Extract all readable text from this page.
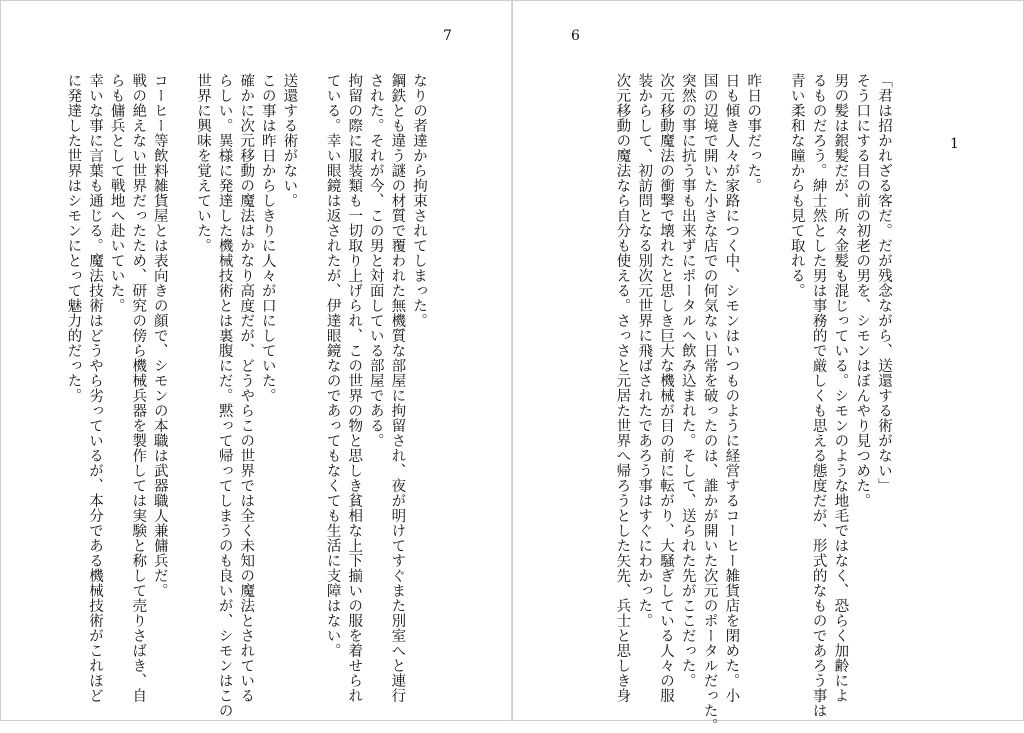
7
なりの者達から拘束されてしまった。
鋼鉄とも違う謎の材質で覆われた無機質な部屋に拘留され、夜が明けてすぐまた別室へと連行
された。それが今、この男と対面している部屋である。
拘留の際に服装類も一切取り上げられ、この世界の物と思しき貧相な上下揃いの服を着せられ
ている。幸い眼鏡は返されたが、伊達眼鏡なのであってもなくても生活に支障はない。
送還する術がない。
この事は昨日からしきりに人々が口にしていた。
確かに次元移動の魔法はかなり高度だが、どうやらこの世界では全く未知の魔法とされている
らしい。異様に発達した機械技術とは裏腹にだ。黙って帰ってしまうのも良いが、シモンはこの
世界に興味を覚えていた。
コーヒー等飲料雑貨屋とは表向きの顔で、シモンの本職は武器職人兼傭兵だ。
戦の絶えない世界だったため、研究の傍ら機械兵器を製作しては実験と称して売りさばき、自
らも傭兵として戦地へ赴いていた。
幸いな事に言葉も通じる。魔法技術はどうやら劣っているが、本分である機械技術がこれほど
に発達した世界はシモンにとって魅力的だった。
6
「君は招かれざる客だ。だが残念ながら、送還する術がない」
そう口にする目の前の初老の男を、シモンはぼんやり見つめた。
男の髪は銀髪だが、所々金髪も混じっている。シモンのような地毛ではなく、恐らく加齢によ
るものだろう。紳士然とした男は事務的で厳しくも思える態度だが、形式的なものであろう事は
青い柔和な瞳からも見て取れる。
昨日の事だった。
日も傾き人々が家路につく中、シモンはいつものように経営するコーヒー雑貨店を閉めた。小
国の辺境で開いた小さな店での何気ない日常を破ったのは、誰かが開いた次元のポータルだった。
突然の事に抗う事も出来ずにポータルへ飲み込まれた。そして、送られた先がここだった。
次元移動魔法の衝撃で壊れたと思しき巨大な機械が目の前に転がり、大騒ぎしている人々の服
装からして、初訪問となる別次元世界に飛ばされたであろう事はすぐにわかった。
次元移動の魔法なら自分も使える。さっさと元居た世界へ帰ろうとした矢先、兵士と思しき身	1
